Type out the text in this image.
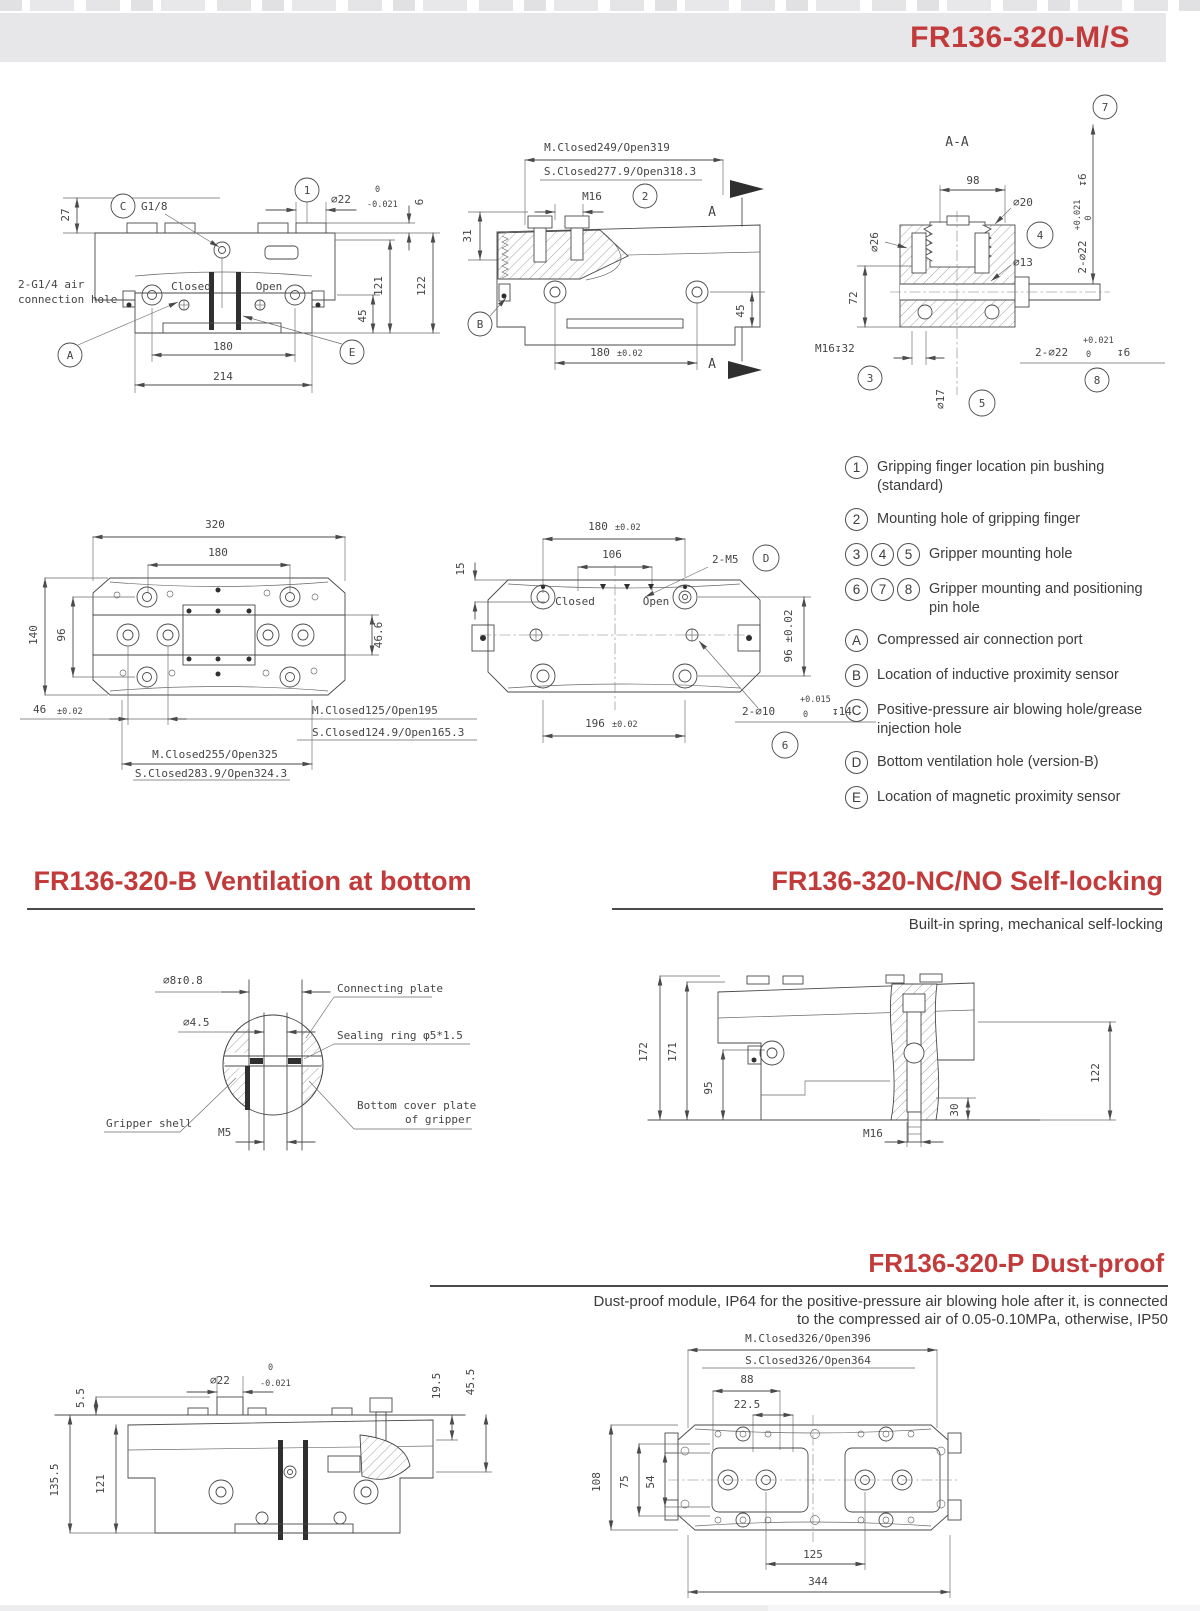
FR136-320-M/S
C G1/8
1
⌀22
0
-0.021 6
27
Closed	Open
45
121	122
180
214
2-G1/4 air
connection hole
A	E
M.Closed249/Open319
S.Closed277.9/Open318.3
M16	2
A
31
B
45
180 ±0.02
A
7
2-⌀22
+0.021 0
↧6
A-A
98
⌀20
⌀26	4
⌀13
72
M16↧32
3
2-⌀22
+0.021
0 ↧6
8
⌀17	5
1	Gripping finger location pin bushing
(standard)
2	Mounting hole of gripping finger
3	4	5	Gripper mounting hole
6	7	8	Gripper mounting and positioning
pin hole
A	Compressed air connection port
B	Location of inductive proximity sensor
C	Positive-pressure air blowing hole/grease
injection hole
D	Bottom ventilation hole (version-B)
E	Location of magnetic proximity sensor
320
180
140 96	46.6
46 ±0.02	M.Closed125/Open195
S.Closed124.9/Open165.3
M.Closed255/Open325
S.Closed283.9/Open324.3
180 ±0.02
106	2-M5 D
15
Closed	Open
96 ±0.02
196 ±0.02
2-⌀10
+0.015
0 ↧14
6
FR136-320-B Ventilation at bottom	FR136-320-NC/NO Self-locking
Built-in spring, mechanical self-locking
⌀8↧0.8
⌀4.5
Connecting plate
Sealing ring φ5*1.5
Gripper shell
M5
Bottom cover plate
of gripper
172 171
95
122
30
M16
FR136-320-P Dust-proof
Dust-proof module, IP64 for the positive-pressure air blowing hole after it, is connected
to the compressed air of 0.05-0.10MPa, otherwise, IP50
⌀22
0
-0.021
5.5
135.5	121
19.5 45.5
M.Closed326/Open396
S.Closed326/Open364
88
22.5
108 75 54
125
344
